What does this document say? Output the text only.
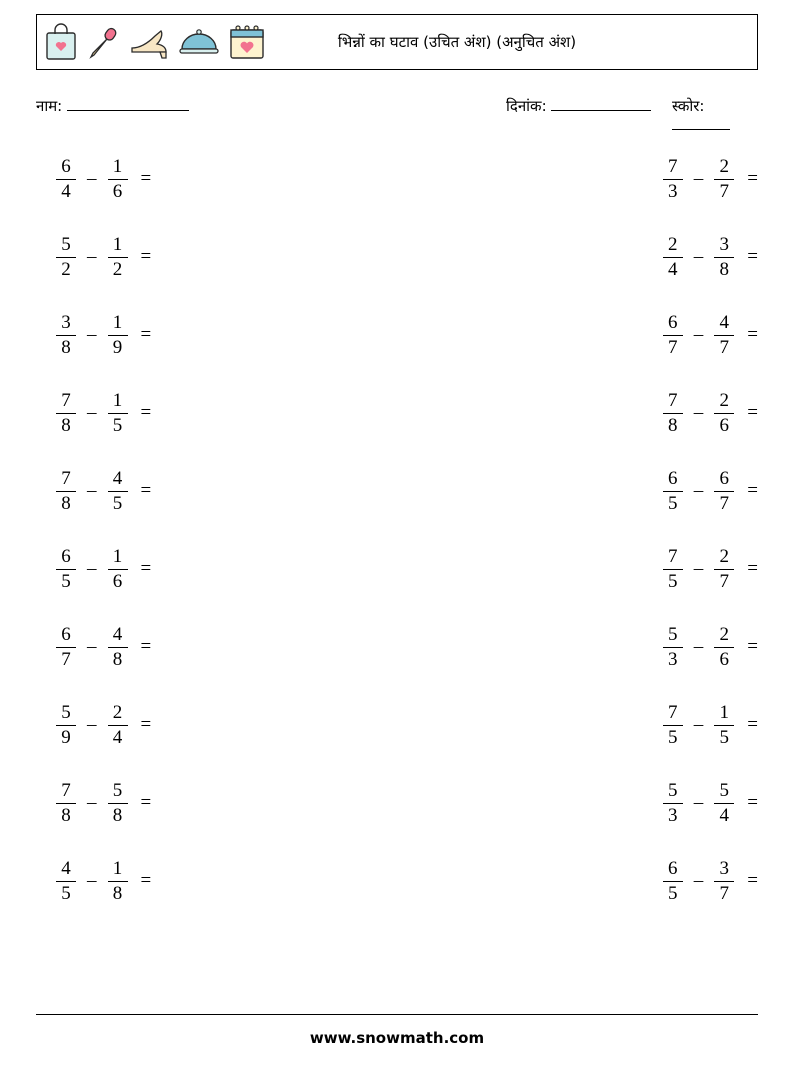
भिन्नों का घटाव (उचित अंश) (अनुचित अंश)
नाम:	दिनांक:	स्कोर:
$\frac{6}{4} - \frac{1}{6}$ =	$\frac{7}{3} - \frac{2}{7}$ =
$\frac{5}{2} - \frac{1}{2}$ =	$\frac{2}{4} - \frac{3}{8}$ =
$\frac{3}{8} - \frac{1}{9}$ =	$\frac{6}{7} - \frac{4}{7}$ =
$\frac{7}{8} - \frac{1}{5}$ =	$\frac{7}{8} - \frac{2}{6}$ =
$\frac{7}{8} - \frac{4}{5}$ =	$\frac{6}{5} - \frac{6}{7}$ =
$\frac{6}{5} - \frac{1}{6}$ =	$\frac{7}{5} - \frac{2}{7}$ =
$\frac{6}{7} - \frac{4}{8}$ =	$\frac{5}{3} - \frac{2}{6}$ =
$\frac{5}{9} - \frac{2}{4}$ =	$\frac{7}{5} - \frac{1}{5}$ =
$\frac{7}{8} - \frac{5}{8}$ =	$\frac{5}{3} - \frac{5}{4}$ =
$\frac{4}{5} - \frac{1}{8}$ =	$\frac{6}{5} - \frac{3}{7}$ =
www.snowmath.com
